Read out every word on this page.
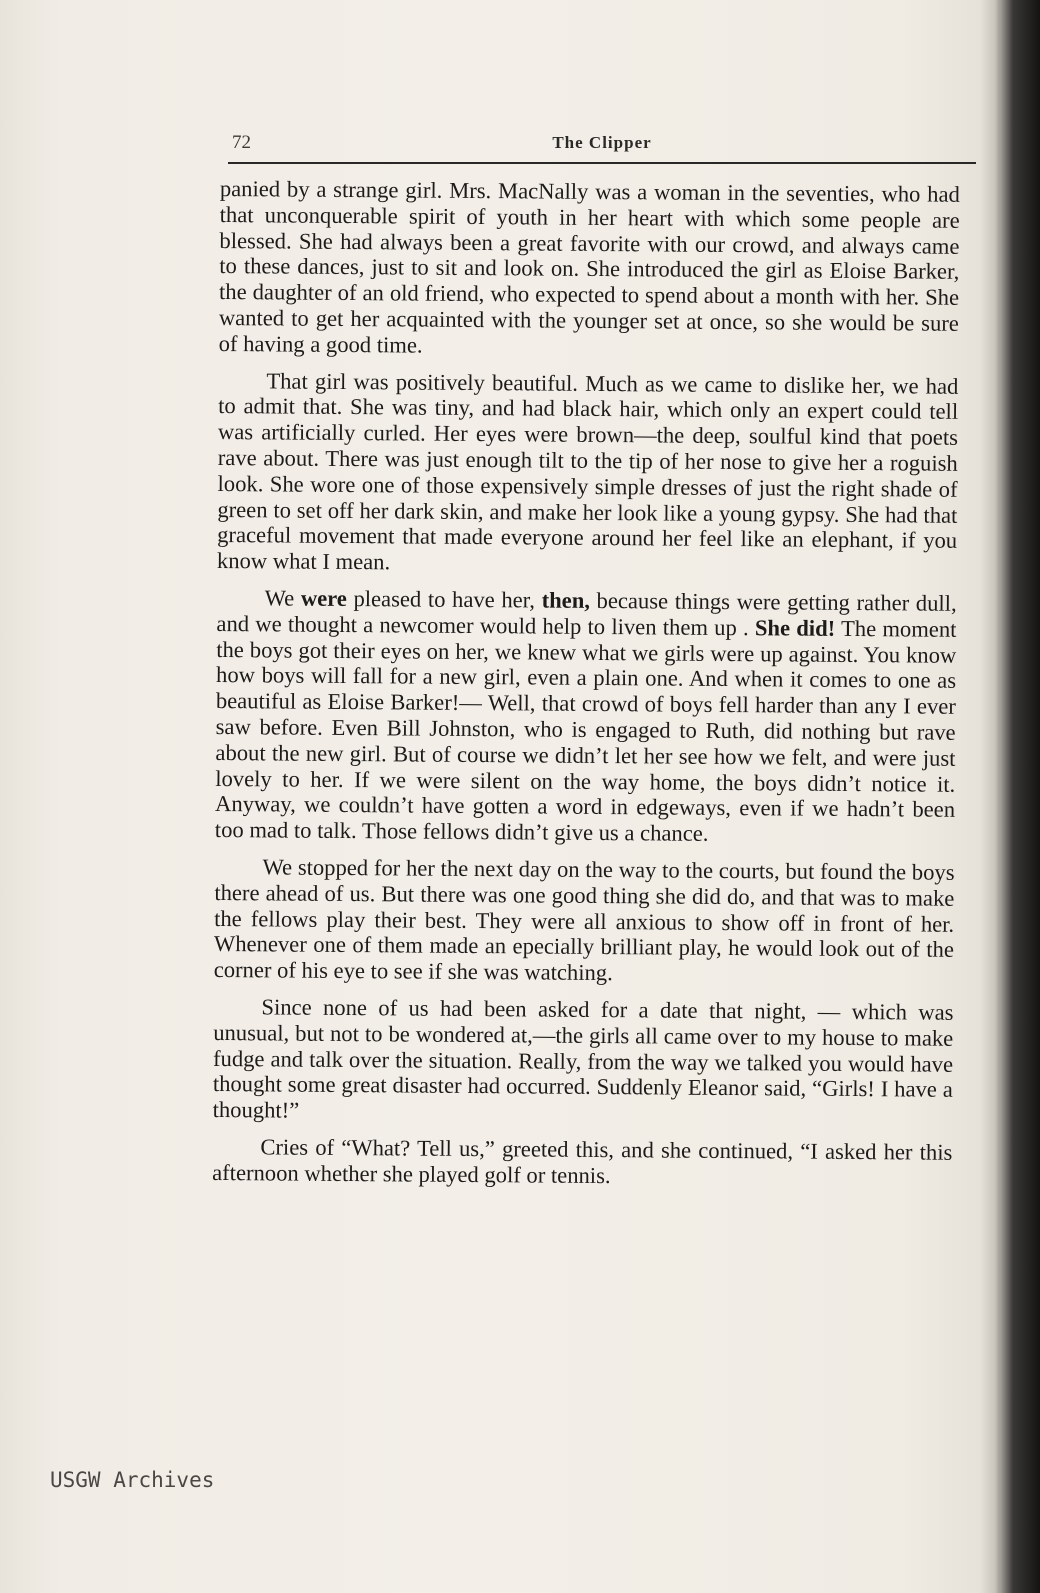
72	The Clipper

panied by a strange girl. Mrs. MacNally was a woman in the seventies, who had that unconquerable spirit of youth in her heart with which some people are blessed. She had always been a great favorite with our crowd, and always came to these dances, just to sit and look on. She introduced the girl as Eloise Barker, the daughter of an old friend, who expected to spend about a month with her. She wanted to get her acquainted with the younger set at once, so she would be sure of having a good time.

That girl was positively beautiful. Much as we came to dislike her, we had to admit that. She was tiny, and had black hair, which only an expert could tell was artificially curled. Her eyes were brown—the deep, soulful kind that poets rave about. There was just enough tilt to the tip of her nose to give her a roguish look. She wore one of those expensively simple dresses of just the right shade of green to set off her dark skin, and make her look like a young gypsy. She had that graceful movement that made everyone around her feel like an elephant, if you know what I mean.

We were pleased to have her, then, because things were getting rather dull, and we thought a newcomer would help to liven them up . She did! The moment the boys got their eyes on her, we knew what we girls were up against. You know how boys will fall for a new girl, even a plain one. And when it comes to one as beautiful as Eloise Barker!— Well, that crowd of boys fell harder than any I ever saw before. Even Bill Johnston, who is engaged to Ruth, did nothing but rave about the new girl. But of course we didn’t let her see how we felt, and were just lovely to her. If we were silent on the way home, the boys didn’t notice it. Anyway, we couldn’t have gotten a word in edgeways, even if we hadn’t been too mad to talk. Those fellows didn’t give us a chance.

We stopped for her the next day on the way to the courts, but found the boys there ahead of us. But there was one good thing she did do, and that was to make the fellows play their best. They were all anxious to show off in front of her. Whenever one of them made an epecially brilliant play, he would look out of the corner of his eye to see if she was watching.

Since none of us had been asked for a date that night, — which was unusual, but not to be wondered at,—the girls all came over to my house to make fudge and talk over the situation. Really, from the way we talked you would have thought some great disaster had occurred. Suddenly Eleanor said, “Girls! I have a thought!”

Cries of “What? Tell us,” greeted this, and she continued, “I asked her this afternoon whether she played golf or tennis.

USGW Archives
